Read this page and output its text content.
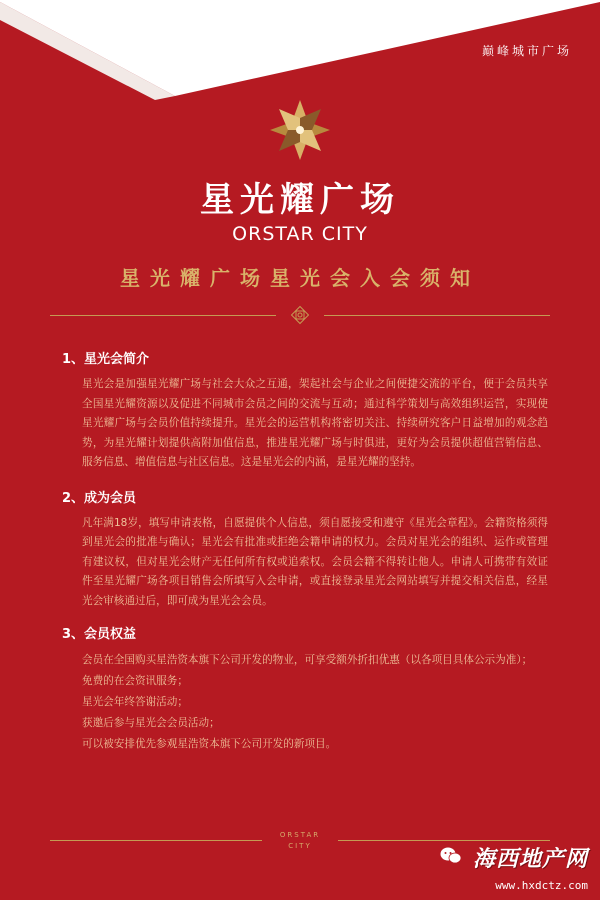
巅峰城市广场
星光耀广场
ORSTAR CITY
星光耀广场星光会入会须知
1、星光会简介
星光会是加强星光耀广场与社会大众之互通，架起社会与企业之间便捷交流的平台，便于会员共享全国星光耀资源以及促进不同城市会员之间的交流与互动；通过科学策划与高效组织运营，实现使星光耀广场与会员价值持续提升。星光会的运营机构将密切关注、持续研究客户日益增加的观念趋势，为星光耀计划提供高附加值信息，推进星光耀广场与时俱进，更好为会员提供超值营销信息、服务信息、增值信息与社区信息。这是星光会的内涵，是星光耀的坚持。
2、成为会员
凡年满18岁，填写申请表格，自愿提供个人信息，须自愿接受和遵守《星光会章程》。会籍资格须得到星光会的批准与确认；星光会有批准或拒绝会籍申请的权力。会员对星光会的组织、运作或管理有建议权，但对星光会财产无任何所有权或追索权。会员会籍不得转让他人。申请人可携带有效证件至星光耀广场各项目销售会所填写入会申请，或直接登录星光会网站填写并提交相关信息，经星光会审核通过后，即可成为星光会会员。
3、会员权益
会员在全国购买星浩资本旗下公司开发的物业，可享受额外折扣优惠（以各项目具体公示为准）；
免费的在会资讯服务；
星光会年终答谢活动；
获邀后参与星光会会员活动；
可以被安排优先参观星浩资本旗下公司开发的新项目。
ORSTAR
CITY
海西地产网
www.hxdctz.com
